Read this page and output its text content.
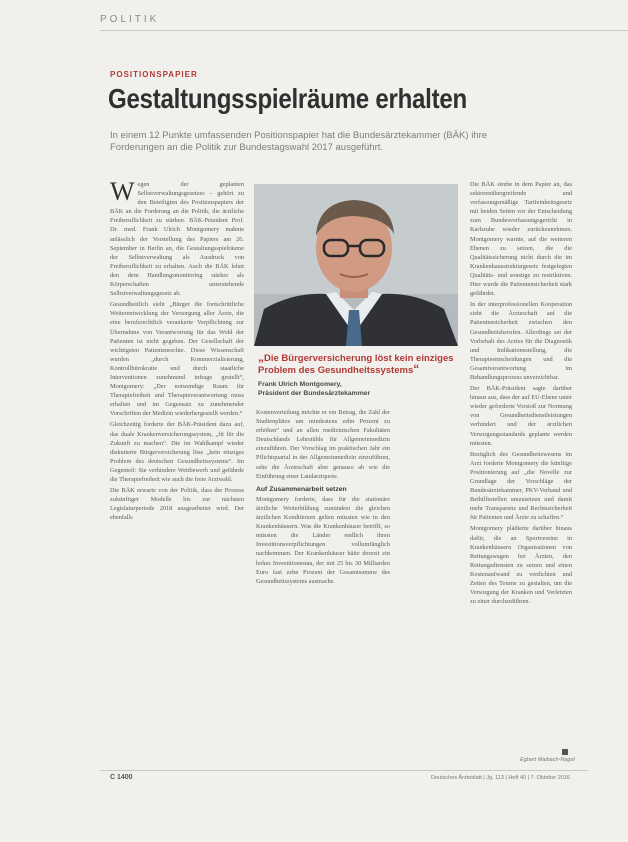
POLITIK
POSITIONSPAPIER
Gestaltungsspielräume erhalten
In einem 12 Punkte umfassenden Positionspapier hat die Bundesärztekammer (BÄK) ihre Forderungen an die Politik zur Bundestagswahl 2017 ausgeführt.

Wegen der geplanten Selbstverwaltungsgesetzes – gehört zu den Beteiligten des Positionspapiers der BÄK an die Forderung an die Politik, die ärztliche Freiberuflichkeit zu stärken. BÄK-Präsident Prof. Dr. med. Frank Ulrich Montgomery mahnte anlässlich der Vorstellung des Papiers am 26. September in Berlin an, die Gestaltungsspielräume der Selbstverwaltung als Ausdruck von Freiberuflichkeit zu erhalten. Auch die BÄK lehnt den dem Handlungsmonitoring stärker als Körperschaften unterstehende Selbstverwaltungsgesetz ab.

Gesundheitlich sieht „Bürger die fortschrittliche Weiterentwicklung der Versorgung aller Ärzte, die eine berufsrechtlich verankerte Verpflichtung zur Übernahme von Verantwortung für das Wohl der Patienten ist nicht gegeben. Der Gesellschaft der wichtigsten Patientenrechte. Diese Wissenschaft wurden „durch Kommerzialisierung, Kontrollbürokratie und durch staatliche Interventionen zunehmend infrage gestellt“, Montgomery: „Der notwendige Raum für Therapiefreiheit und Therapieverantwortung muss erhalten und im Gegensatz zu zunehmender Vorschriften der Medizin wiederhergestellt werden.“

Gleichzeitig forderte der BÄK-Präsident dazu auf, das duale Krankenversicherungssystem, „fit für die Zukunft zu machen“. Die im Wahlkampf wieder diskutierte Bürgerversicherung löse „kein einziges Problem des deutschen Gesundheitssystems“. Im Gegenteil: Sie verhindere Wettbewerb und gefährde die Therapiefreiheit wie auch die freie Arztwahl.

Die BÄK erwarte von der Politik, dass der Prozess zukünftiger Modelle bis zur nächsten Legislaturperiode 2018 ausgearbeitet wird. Der ebenfalls

„Die Bürgerversicherung löst kein einziges Problem des Gesundheitssystems“
Frank Ulrich Montgomery,
Präsident der Bundesärztekammer

Kostenverteilung möchte er ein Betrag, die Zahl der Studienplätze um mindestens zehn Prozent zu erhöhen“ und an allen medizinischen Fakultäten Deutschlands Lehrstühle für Allgemeinmedizin einzuführen. Der Vorschlag im praktischen Jahr ein Pflichtquartal in der Allgemeinmedizin einzuführen, sehe die Ärzteschaft aber genauso ab wie die Einführung einer Landarztquote.

Auf Zusammenarbeit setzen

Montgomery forderte, dass für die stationäre ärztliche Weiterbildung zumindest die gleichen ärztlichen Konditionen gelten müssten wie in den Krankenhäusern. Was die Krankenhäuser betrifft, so müssten die Länder endlich ihren Investitionsverpflichtungen vollumfänglich nachkommen. Der Krankenhäuser hätte derzeit ein hohes Investitionsstau, der mit 25 bis 30 Milliarden Euro fast zehn Prozent der Gesamtsumme des Gesundheitssystems ausmache.

Die BÄK strebe in dem Papier an, das sektorenübergreifende und verfassungsmäßige Tarifeinheitsgesetz mit beiden Seiten vor der Entscheidung zum Bundesverfassungsgericht in Karlsruhe wieder zurückzunehmen. Montgomery warnte, auf die weiteren Ebenen zu setzen, die die Qualitätssicherung nicht durch die im Krankenhausstrukturgesetz festgelegten Qualitäts- und sonstige zu restriktiven. Hier wurde die Patientensicherheit stark gefährdet.

In der interprofessionellen Kooperation sieht die Ärzteschaft auf die Patientensicherheit zwischen den Gesundheitsberufen. Allerdings sei der Vorbehalt des Arztes für die Diagnostik und Indikationsstellung, die Therapieentscheidungen und die Gesamtverantwortung im Behandlungsprozess unverzichtbar.

Der BÄK-Präsident sagte darüber hinaus aus, dass der auf EU-Ebene unter wieder geforderte Vorstoß zur Normung von Gesundheitsdienstleistungen verhindert und der ärztlichen Versorgungsstandards geplante werden müssten.

Bezüglich des Gesundheitswesens im Arzt forderte Montgomery die künftige Positionierung auf „die Novelle zur Grundlage der Vorschläge der Bundesärztekammer, PKV-Verband und Beihilfestellen umzusetzen und damit mehr Transparenz und Rechtssicherheit für Patienten und Ärzte zu schaffen.“

Montgomery plädierte darüber hinaus dafür, die an Sportvereine in Krankenhäusern Organisationen von Rettungswagen bei Ärzten, den Rettungsdiensten zu setzen und einen Kostenaufwand zu verdichten und Zeiten des Tourne zu gestalten, um die Versorgung der Kranken und Verletzten zu einer durchzuführen.

Egbert Maibach-Nagel
C 1400	Deutsches Ärzteblatt | Jg. 113 | Heft 40 | 7. Oktober 2016
